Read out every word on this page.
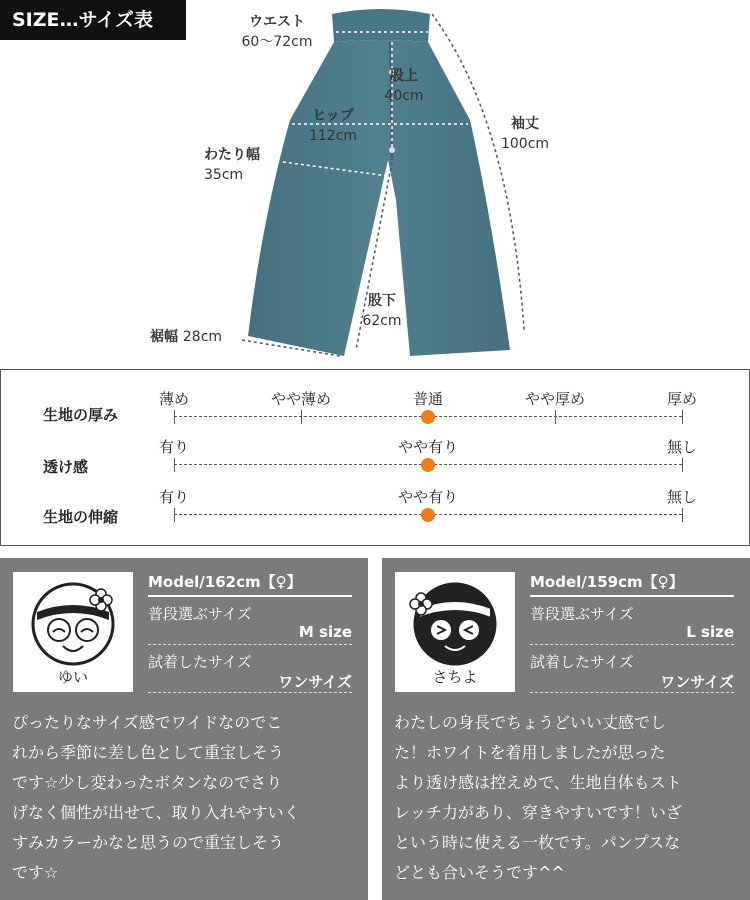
SIZE…サイズ表	ウエスト
60〜72cm
股上
40cm
ヒップ
112cm
袖丈
100cm
わたり幅
35cm
股下
62cm
裾幅 28cm
生地の厚み
薄め	やや薄め	普通	やや厚め	厚め
透け感
有り	やや有り	無し
生地の伸縮
有り	やや有り	無し
ゆい
Model/162cm【♀】
普段選ぶサイズ
M size
試着したサイズ
ワンサイズ
ぴったりなサイズ感でワイドなのでこ
れから季節に差し色として重宝しそう
です☆少し変わったボタンなのでさり
げなく個性が出せて、取り入れやすいく
すみカラーかなと思うので重宝しそう
です☆
さちよ
Model/159cm【♀】
普段選ぶサイズ
L size
試着したサイズ
ワンサイズ
わたしの身長でちょうどいい丈感でし
た！ホワイトを着用しましたが思った
より透け感は控えめで、生地自体もスト
レッチ力があり、穿きやすいです！いざ
という時に使える一枚です。パンプスな
どとも合いそうです^^
